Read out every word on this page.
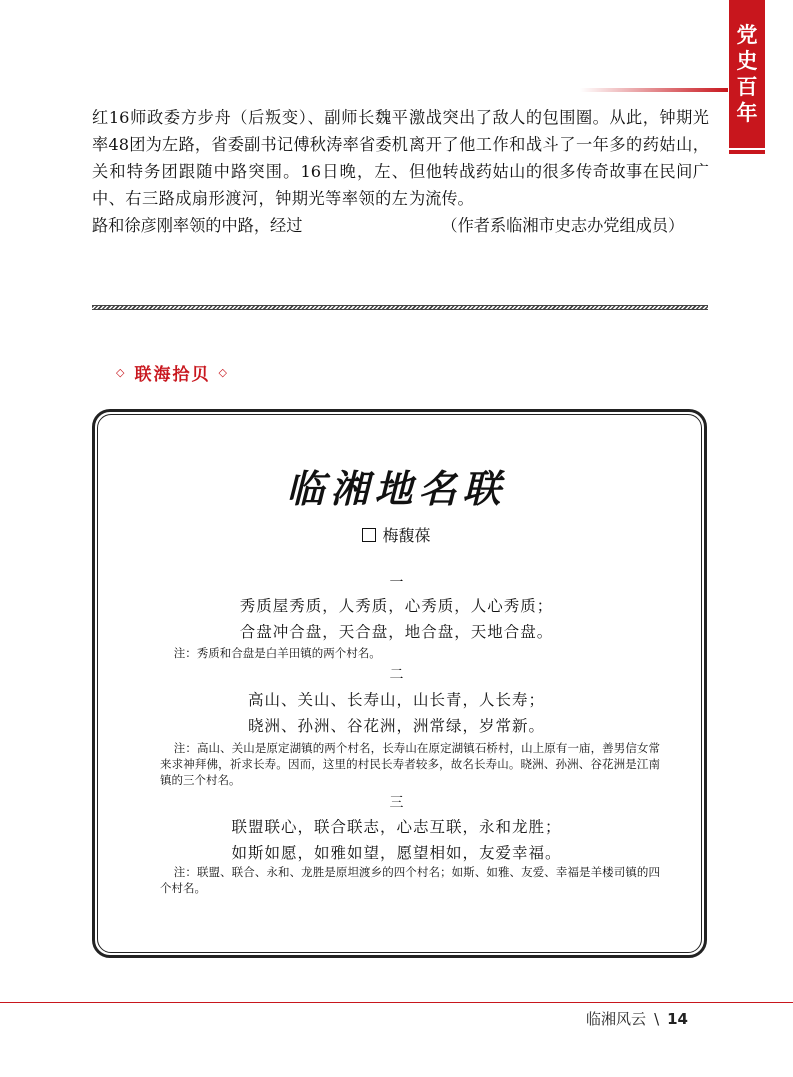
党
史
百
年

红16师政委方步舟（后叛变）、副师长魏平率48团为左路，省委副书记傅秋涛率省委机关和特务团跟随中路突围。16日晚，左、中、右三路成扇形渡河，钟期光等率领的左路和徐彦刚率领的中路，经过

激战突出了敌人的包围圈。从此，钟期光离开了他工作和战斗了一年多的药姑山，但他转战药姑山的很多传奇故事在民间广为流传。

（作者系临湘市史志办党组成员）

◇ 联海拾贝 ◇
临湘地名联
梅馥葆
一
秀质屋秀质，人秀质，心秀质，人心秀质；
合盘冲合盘，天合盘，地合盘，天地合盘。
注：秀质和合盘是白羊田镇的两个村名。
二
高山、关山、长寿山，山长青，人长寿；
晓洲、孙洲、谷花洲，洲常绿，岁常新。
注：高山、关山是原定湖镇的两个村名，长寿山在原定湖镇石桥村，山上原有一庙，善男信女常来求神拜佛，祈求长寿。因而，这里的村民长寿者较多，故名长寿山。晓洲、孙洲、谷花洲是江南镇的三个村名。
三
联盟联心，联合联志，心志互联，永和龙胜；
如斯如愿，如雅如望，愿望相如，友爱幸福。
注：联盟、联合、永和、龙胜是原坦渡乡的四个村名；如斯、如雅、友爱、幸福是羊楼司镇的四个村名。
临湘风云 \ 14
